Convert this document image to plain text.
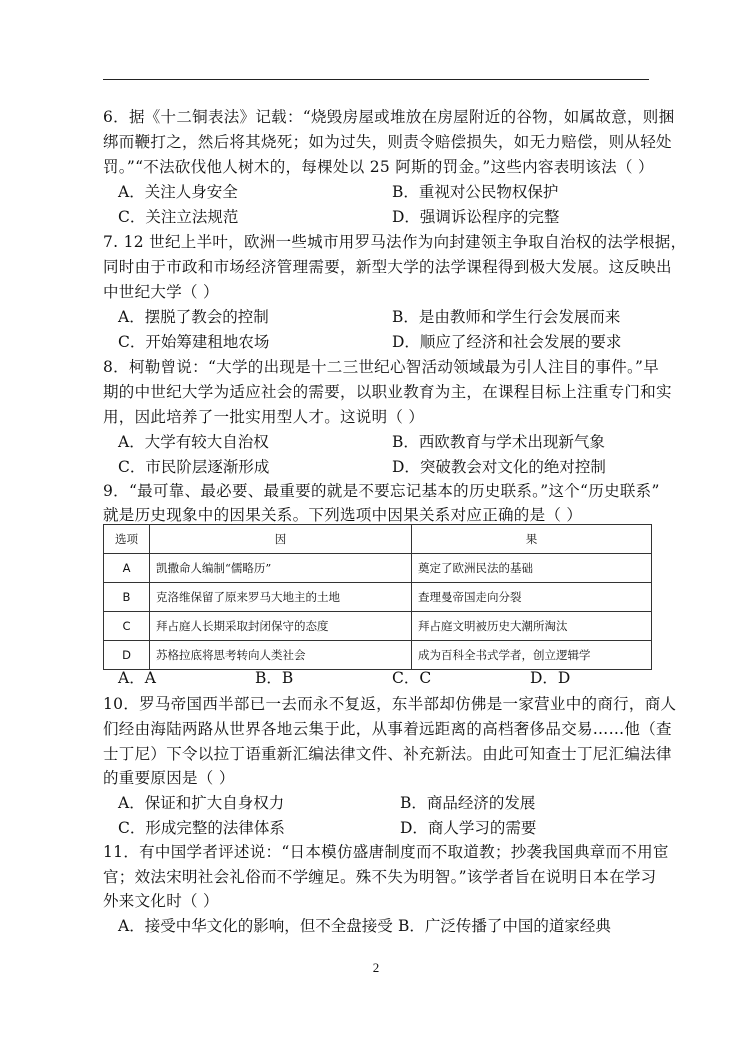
6．据《十二铜表法》记载：“烧毁房屋或堆放在房屋附近的谷物，如属故意，则捆
绑而鞭打之，然后将其烧死；如为过失，则责令赔偿损失，如无力赔偿，则从轻处
罚。”“不法砍伐他人树木的，每棵处以 25 阿斯的罚金。”这些内容表明该法（ ）
A．关注人身安全	B．重视对公民物权保护
C．关注立法规范	D．强调诉讼程序的完整
7. 12 世纪上半叶，欧洲一些城市用罗马法作为向封建领主争取自治权的法学根据，
同时由于市政和市场经济管理需要，新型大学的法学课程得到极大发展。这反映出
中世纪大学（ ）
A．摆脱了教会的控制	B．是由教师和学生行会发展而来
C．开始筹建租地农场	D．顺应了经济和社会发展的要求
8．柯勒曾说：“大学的出现是十二三世纪心智活动领域最为引人注目的事件。”早
期的中世纪大学为适应社会的需要，以职业教育为主，在课程目标上注重专门和实
用，因此培养了一批实用型人才。这说明（ ）
A．大学有较大自治权	B．西欧教育与学术出现新气象
C．市民阶层逐渐形成	D．突破教会对文化的绝对控制
9．“最可靠、最必要、最重要的就是不要忘记基本的历史联系。”这个“历史联系”
就是历史现象中的因果关系。下列选项中因果关系对应正确的是（ ）
选项	因	果
A	凯撒命人编制“儒略历”	奠定了欧洲民法的基础
B	克洛维保留了原来罗马大地主的土地	查理曼帝国走向分裂
C	拜占庭人长期采取封闭保守的态度	拜占庭文明被历史大潮所淘汰
D	苏格拉底将思考转向人类社会	成为百科全书式学者，创立逻辑学
A．A	B．B	C．C	D．D
10．罗马帝国西半部已一去而永不复返，东半部却仿佛是一家营业中的商行，商人
们经由海陆两路从世界各地云集于此，从事着远距离的高档奢侈品交易……他（查
士丁尼）下令以拉丁语重新汇编法律文件、补充新法。由此可知查士丁尼汇编法律
的重要原因是（ ）
A．保证和扩大自身权力	B．商品经济的发展
C．形成完整的法律体系	D．商人学习的需要
11．有中国学者评述说：“日本模仿盛唐制度而不取道教；抄袭我国典章而不用宦
官；效法宋明社会礼俗而不学缠足。殊不失为明智。”该学者旨在说明日本在学习
外来文化时（ ）
A．接受中华文化的影响，但不全盘接受 B．广泛传播了中国的道家经典
2
